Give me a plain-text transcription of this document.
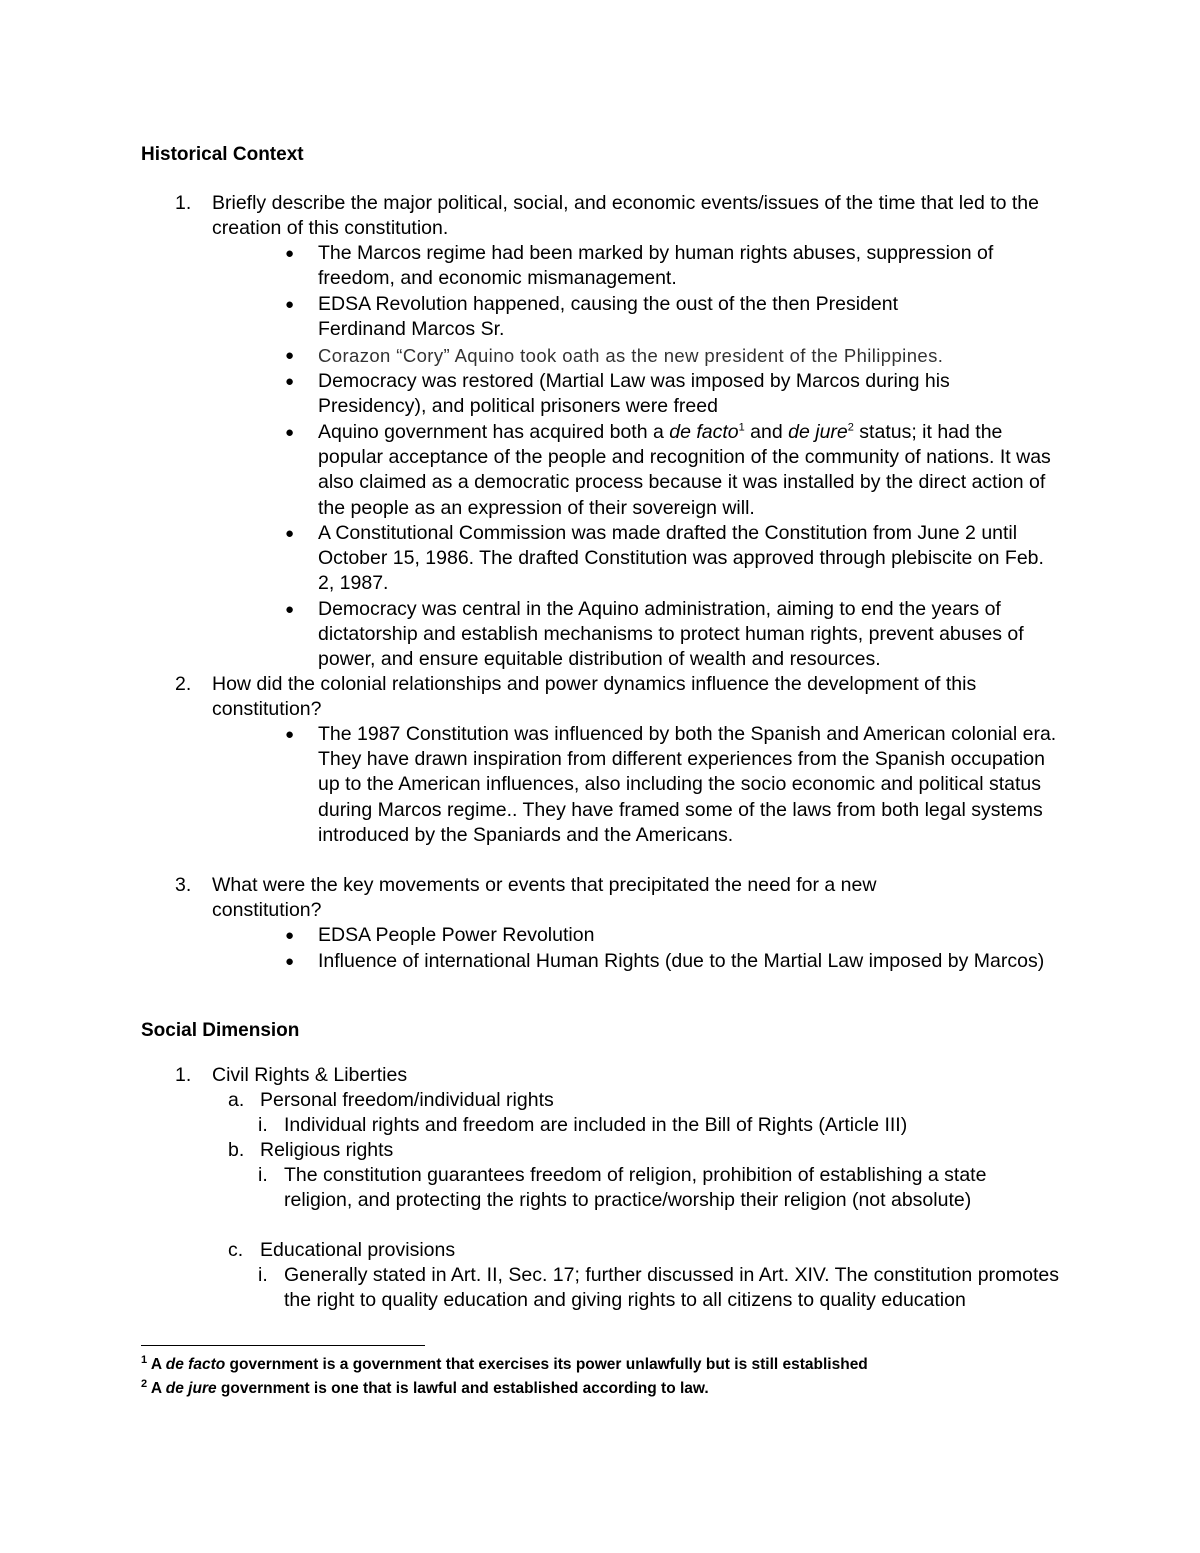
Historical Context
1. Briefly describe the major political, social, and economic events/issues of the time that led to the creation of this constitution.
● The Marcos regime had been marked by human rights abuses, suppression of freedom, and economic mismanagement.
● EDSA Revolution happened, causing the oust of the then President Ferdinand Marcos Sr.
● Corazon “Cory” Aquino took oath as the new president of the Philippines.
● Democracy was restored (Martial Law was imposed by Marcos during his Presidency), and political prisoners were freed
● Aquino government has acquired both a de facto$^1$ and de jure$^2$ status; it had the popular acceptance of the people and recognition of the community of nations. It was also claimed as a democratic process because it was installed by the direct action of the people as an expression of their sovereign will.
● A Constitutional Commission was made drafted the Constitution from June 2 until October 15, 1986. The drafted Constitution was approved through plebiscite on Feb. 2, 1987.
● Democracy was central in the Aquino administration, aiming to end the years of dictatorship and establish mechanisms to protect human rights, prevent abuses of power, and ensure equitable distribution of wealth and resources.
2. How did the colonial relationships and power dynamics influence the development of this constitution?
● The 1987 Constitution was influenced by both the Spanish and American colonial era. They have drawn inspiration from different experiences from the Spanish occupation up to the American influences, also including the socio economic and political status during Marcos regime.. They have framed some of the laws from both legal systems introduced by the Spaniards and the Americans.
3. What were the key movements or events that precipitated the need for a new constitution?
● EDSA People Power Revolution
● Influence of international Human Rights (due to the Martial Law imposed by Marcos)
Social Dimension
1. Civil Rights & Liberties
a. Personal freedom/individual rights
i. Individual rights and freedom are included in the Bill of Rights (Article III)
b. Religious rights
i. The constitution guarantees freedom of religion, prohibition of establishing a state religion, and protecting the rights to practice/worship their religion (not absolute)
c. Educational provisions
i. Generally stated in Art. II, Sec. 17; further discussed in Art. XIV. The constitution promotes the right to quality education and giving rights to all citizens to quality education
$^1$ A de facto government is a government that exercises its power unlawfully but is still established
$^2$ A de jure government is one that is lawful and established according to law.
